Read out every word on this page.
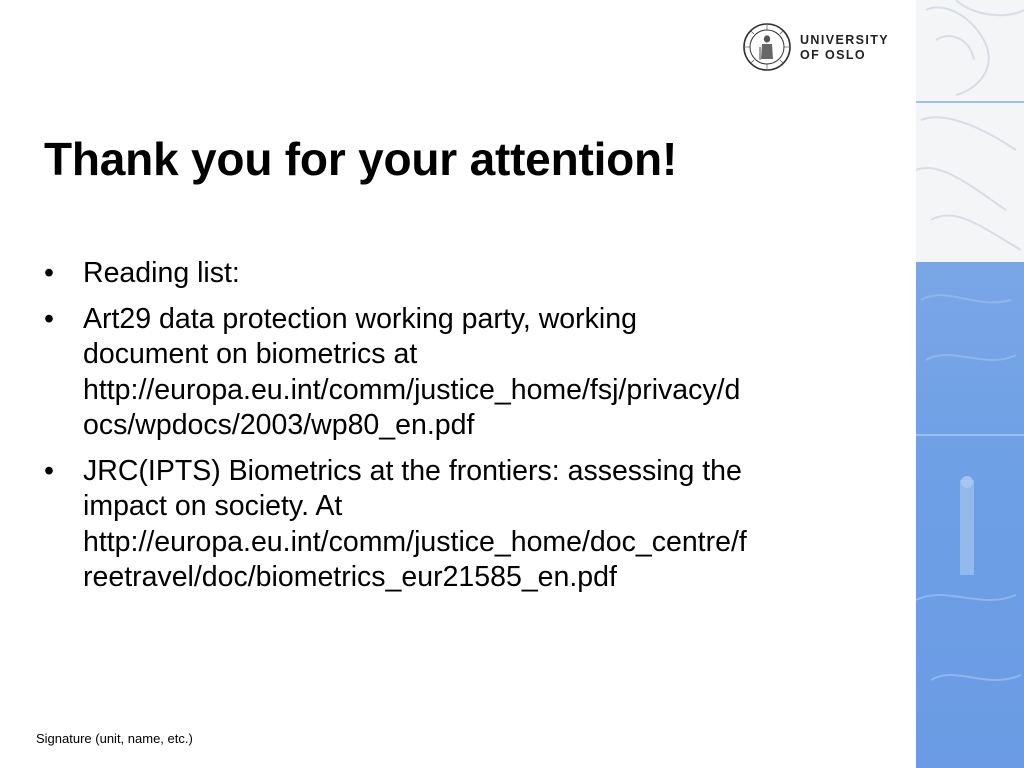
UNIVERSITY
OF OSLO
Thank you for your attention!
• Reading list:
• Art29 data protection working party, working
document on biometrics at
http://europa.eu.int/comm/justice_home/fsj/privacy/d
ocs/wpdocs/2003/wp80_en.pdf
• JRC(IPTS) Biometrics at the frontiers: assessing the
impact on society. At
http://europa.eu.int/comm/justice_home/doc_centre/f
reetravel/doc/biometrics_eur21585_en.pdf
Signature (unit, name, etc.)
